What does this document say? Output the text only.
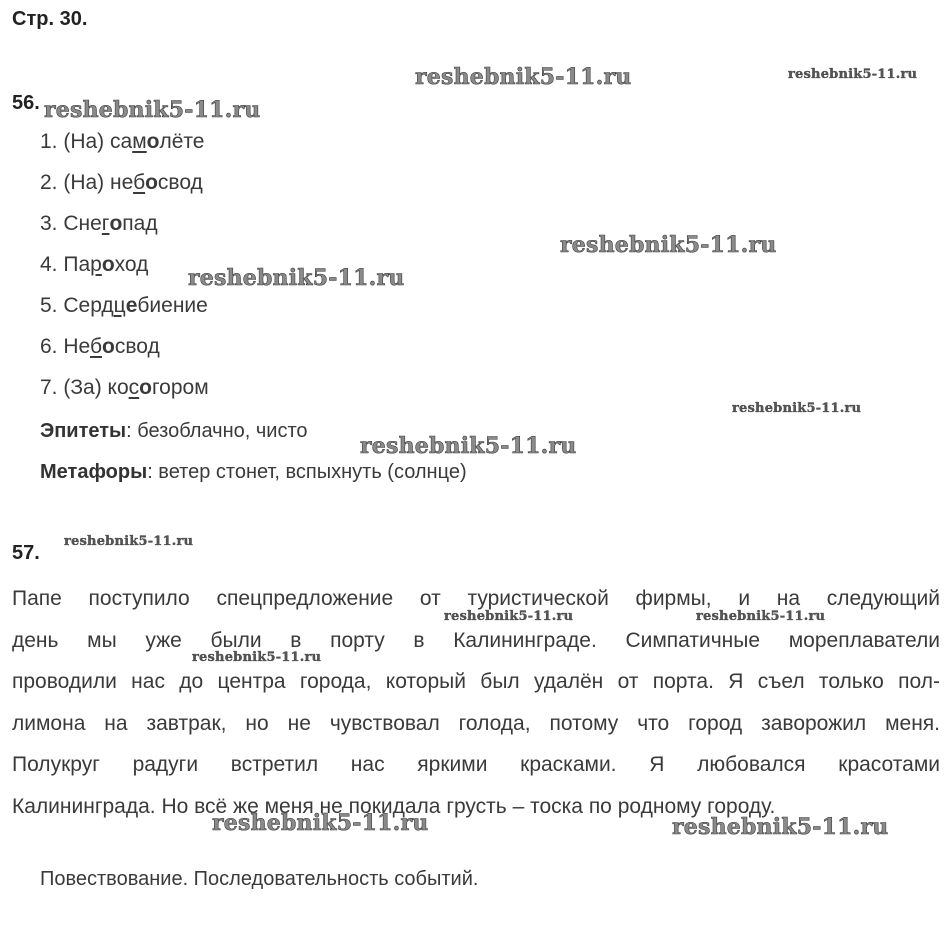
Стр. 30.
56.
1. (На) самолёте
2. (На) небосвод
3. Снегопад
4. Пароход
5. Сердцебиение
6. Небосвод
7. (За) косогором
Эпитеты: безоблачно, чисто
Метафоры: ветер стонет, вспыхнуть (солнце)
57.
Папе поступило спецпредложение от туристической фирмы, и на следующий
день мы уже были в порту в Калининграде. Симпатичные мореплаватели
проводили нас до центра города, который был удалён от порта. Я съел только пол-
лимона на завтрак, но не чувствовал голода, потому что город заворожил меня.
Полукруг радуги встретил нас яркими красками. Я любовался красотами
Калининграда. Но всё же меня не покидала грусть – тоска по родному городу.
Повествование. Последовательность событий.
reshebnik5-11.ru	reshebnik5-11.ru
reshebnik5-11.ru
reshebnik5-11.ru
reshebnik5-11.ru
reshebnik5-11.ru
reshebnik5-11.ru
reshebnik5-11.ru
reshebnik5-11.ru	reshebnik5-11.ru
reshebnik5-11.ru
reshebnik5-11.ru	reshebnik5-11.ru
